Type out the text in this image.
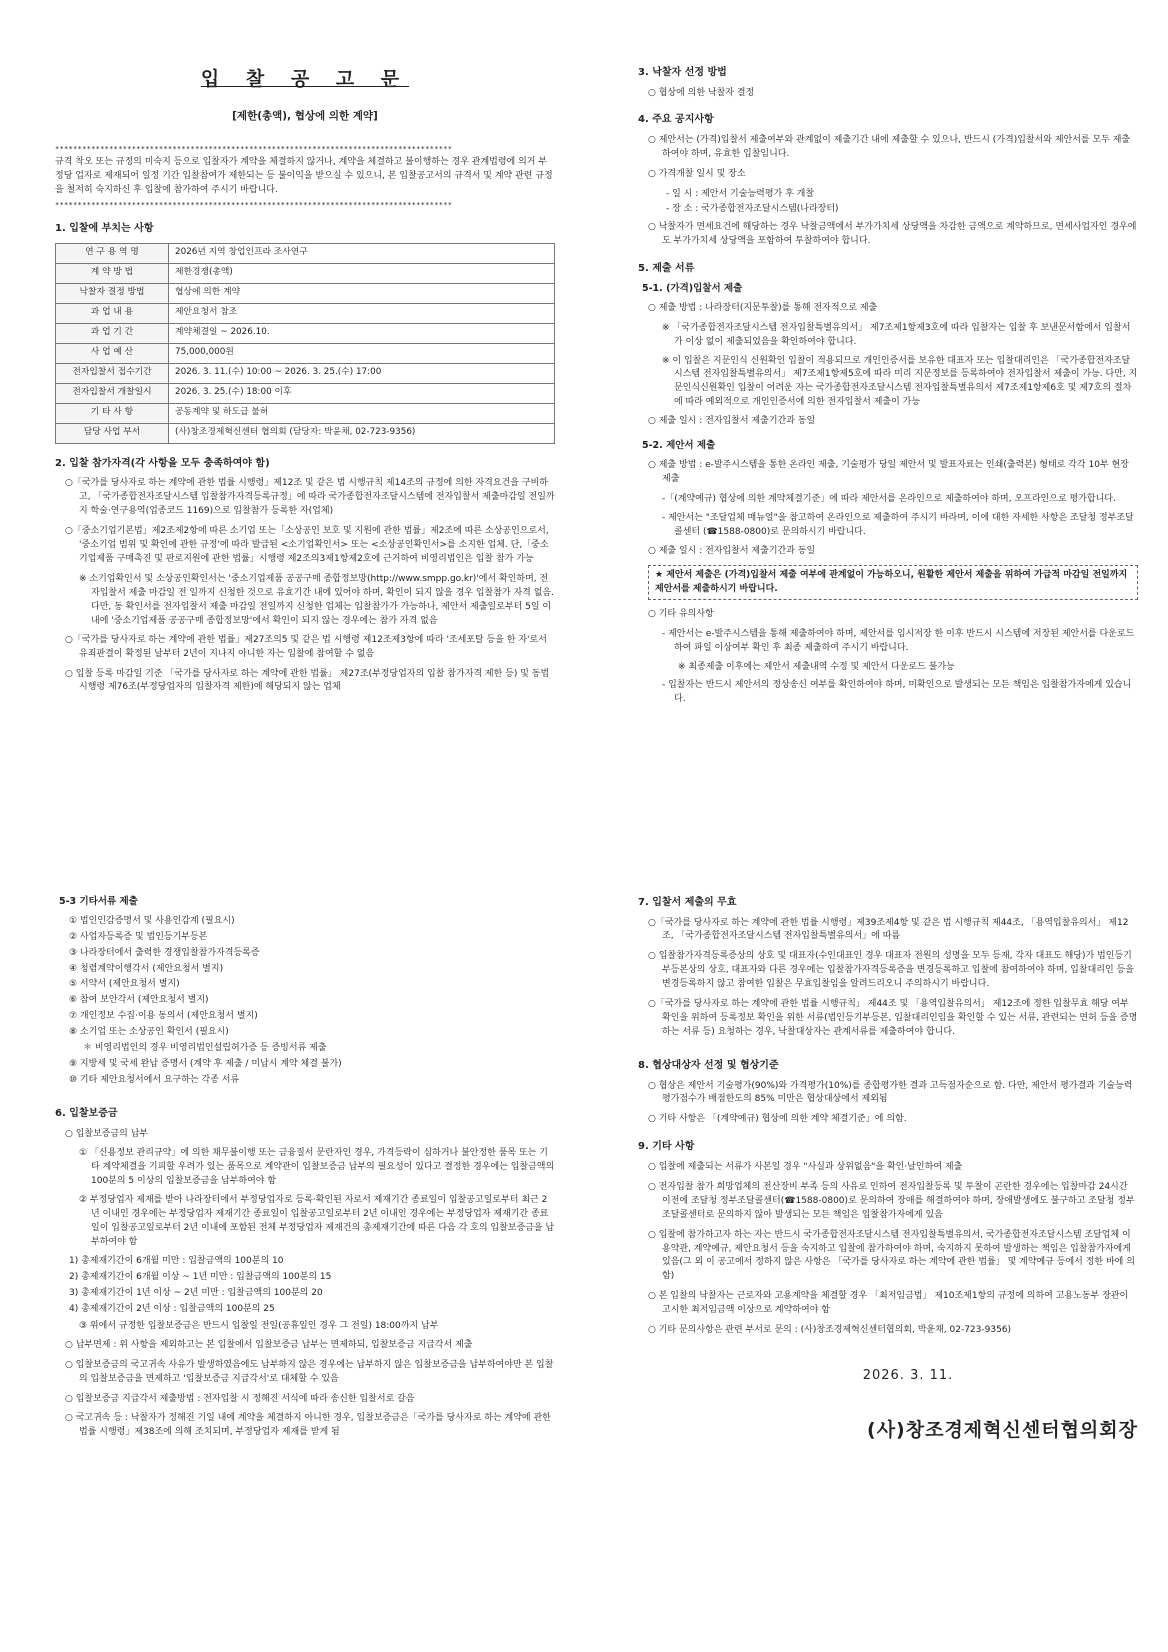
입 찰 공 고 문
[제한(총액), 협상에 의한 계약]
****************************************************************************************
규격 착오 또는 규정의 미숙지 등으로 입찰자가 계약을 체결하지 않거나, 계약을 체결하고 불이행하는 경우 관계법령에 의거 부정당 업자로 제재되어 일정 기간 입찰참여가 제한되는 등 불이익을 받으실 수 있으니, 본 입찰공고서의 규격서 및 계약 관련 규정을 철저히 숙지하신 후 입찰에 참가하여 주시기 바랍니다.
****************************************************************************************
1. 입찰에 부치는 사항
연 구 용 역 명	2026년 지역 창업인프라 조사연구
계 약 방 법	제한경쟁(총액)
낙찰자 결정 방법	협상에 의한 계약
과 업 내 용	제안요청서 참조
과 업 기 간	계약체결일 ~ 2026.10.
사 업 예 산	75,000,000원
전자입찰서 접수기간	2026. 3. 11.(수) 10:00 ~ 2026. 3. 25.(수) 17:00
전자입찰서 개찰일시	2026. 3. 25.(수) 18:00 이후
기 타 사 항	공동계약 및 하도급 불허
담당 사업 부서	(사)창조경제혁신센터 협의회 (담당자: 박윤채, 02-723-9356)
2. 입찰 참가자격(각 사항을 모두 충족하여야 함)
○「국가를 당사자로 하는 계약에 관한 법률 시행령」제12조 및 같은 법 시행규칙 제14조의 규정에 의한 자격요건을 구비하고, 「국가종합전자조달시스템 입찰참가자격등록규정」에 따라 국가종합전자조달시스템에 전자입찰서 제출마감일 전일까지 학술·연구용역(업종코드 1169)으로 입찰참가 등록한 자(업체)
○「중소기업기본법」제2조제2항에 따른 소기업 또는「소상공인 보호 및 지원에 관한 법률」제2조에 따른 소상공인으로서, '중소기업 범위 및 확인에 관한 규정'에 따라 발급된 <소기업확인서> 또는 <소상공인확인서>를 소지한 업체. 단,「중소기업제품 구매촉진 및 판로지원에 관한 법률」시행령 제2조의3제1항제2호에 근거하여 비영리법인은 입찰 참가 가능
※ 소기업확인서 및 소상공인확인서는 '중소기업제품 공공구매 종합정보망(http://www.smpp.go.kr)'에서 확인하며, 전자입찰서 제출 마감일 전 일까지 신청한 것으로 유효기간 내에 있어야 하며, 확인이 되지 않을 경우 입찰참가 자격 없음. 다만, 동 확인서를 전자입찰서 제출 마감일 전일까지 신청한 업체는 입찰참가가 가능하나, 제안서 제출일로부터 5일 이내에 '중소기업제품 공공구매 종합정보망'에서 확인이 되지 않는 경우에는 참가 자격 없음
○「국가를 당사자로 하는 계약에 관한 법률」제27조의5 및 같은 법 시행령 제12조제3항에 따라 '조세포탈 등을 한 자'로서 유죄판결이 확정된 날부터 2년이 지나지 아니한 자는 입찰에 참여할 수 없음
○ 입찰 등록 마감일 기준 「국가를 당사자로 하는 계약에 관한 법률」 제27조(부정당업자의 입찰 참가자격 제한 등) 및 동법 시행령 제76조(부정당업자의 입찰자격 제한)에 해당되지 않는 업체
3. 낙찰자 선정 방법
○ 협상에 의한 낙찰자 결정
4. 주요 공지사항
○ 제안서는 (가격)입찰서 제출여부와 관계없이 제출기간 내에 제출할 수 있으나, 반드시 (가격)입찰서와 제안서를 모두 제출하여야 하며, 유효한 입찰임니다.
○ 가격개찰 일시 및 장소
- 일 시 : 제안서 기술능력평가 후 개찰
- 장 소 : 국가종합전자조달시스템(나라장터)
○ 낙찰자가 면세요건에 해당하는 경우 낙찰금액에서 부가가치세 상당액을 차감한 금액으로 계약하므로, 면세사업자인 경우에도 부가가치세 상당액을 포함하여 투찰하여야 합니다.
5. 제출 서류
5-1. (가격)입찰서 제출
○ 제출 방법 : 나라장터(지문투찰)를 통해 전자적으로 제출
※ 「국가종합전자조달시스템 전자입찰특별유의서」 제7조제1항제3호에 따라 입찰자는 입찰 후 보낸문서함에서 입찰서가 이상 없이 제출되었음을 확인하여야 합니다.
※ 이 입찰은 지문인식 신원확인 입찰이 적용되므로 개인인증서를 보유한 대표자 또는 입찰대리인은 「국가종합전자조달시스템 전자입찰특별유의서」 제7조제1항제5호에 따라 미리 지문정보를 등록하여야 전자입찰서 제출이 가능. 다만, 지문인식신원확인 입찰이 어려운 자는 국가종합전자조달시스템 전자입찰특별유의서 제7조제1항제6호 및 제7호의 절차에 따라 예외적으로 개인인증서에 의한 전자입찰서 제출이 가능
○ 제출 일시 : 전자입찰서 제출기간과 동일
5-2. 제안서 제출
○ 제출 방법 : e-발주시스템을 통한 온라인 제출, 기술평가 당일 제안서 및 발표자료는 인쇄(출력본) 형태로 각각 10부 현장 제출
-「(계약예규) 협상에 의한 계약체결기준」에 따라 제안서를 온라인으로 제출하여야 하며, 오프라인으로 평가합니다.
- 제안서는 "조달업체 매뉴얼"을 참고하여 온라인으로 제출하여 주시기 바라며, 이에 대한 자세한 사항은 조달청 정부조달콜센터 (☎1588-0800)로 문의하시기 바랍니다.
○ 제출 일시 : 전자입찰서 제출기간과 동일
★ 제안서 제출은 (가격)입찰서 제출 여부에 관계없이 가능하오니, 원활한 제안서 제출을 위하여 가급적 마감일 전일까지 제안서를 제출하시기 바랍니다.
○ 기타 유의사항
- 제안서는 e-발주시스템을 통해 제출하여야 하며, 제안서를 임시저장 한 이후 반드시 시스템에 저장된 제안서를 다운로드하여 파일 이상여부 확인 후 최종 제출하여 주시기 바랍니다.
※ 최종제출 이후에는 제안서 제출내역 수정 및 제안서 다운로드 불가능
- 입찰자는 반드시 제안서의 정상송신 여부를 확인하여야 하며, 미확인으로 발생되는 모든 책임은 입찰참가자에게 있습니다.
5-3 기타서류 제출
① 법인인감증명서 및 사용인감계 (필요시)
② 사업자등록증 및 법인등기부등본
③ 나라장터에서 출력한 경쟁입찰참가자격등록증
④ 청렴계약이행각서 (제안요청서 별지)
⑤ 서약서 (제안요청서 별지)
⑥ 참여 보안각서 (제안요청서 별지)
⑦ 개인정보 수집·이용 동의서 (제안요청서 별지)
⑧ 소기업 또는 소상공인 확인서 (필요시)
＊ 비영리법인의 경우 비영리법인설립허가증 등 증빙서류 제출
⑨ 지방세 및 국세 완납 증명서 (계약 후 제출 / 미납시 계약 체결 불가)
⑩ 기타 제안요청서에서 요구하는 각종 서류
6. 입찰보증금
○ 입찰보증금의 납부
① 「신용정보 관리규약」에 의한 채무불이행 또는 금융질서 문란자인 경우, 가격등락이 심하거나 불안정한 품목 또는 기타 계약체결을 기피할 우려가 있는 품목으로 계약관이 입찰보증금 납부의 필요성이 있다고 결정한 경우에는 입찰금액의 100분의 5 이상의 입찰보증금을 납부하여야 함
② 부정당업자 제재를 받아 나라장터에서 부정당업자로 등록·확인된 자로서 제재기간 종료일이 입찰공고일로부터 최근 2년 이내인 경우에는 부정당업자 제재기간 종료일이 입찰공고일로부터 2년 이내인 경우에는 부정당업자 제재기간 종료일이 입찰공고일로부터 2년 이내에 포함된 전체 부정당업자 제재건의 총제재기간에 따른 다음 각 호의 입찰보증금을 납부하여야 함
1) 총제재기간이 6개월 미만 : 입찰금액의 100분의 10
2) 총제재기간이 6개월 이상 ~ 1년 미만 : 입찰금액의 100분의 15
3) 총제재기간이 1년 이상 ~ 2년 미만 : 입찰금액의 100분의 20
4) 총제재기간이 2년 이상 : 입찰금액의 100분의 25
③ 위에서 규정한 입찰보증금은 반드시 입찰일 전일(공휴일인 경우 그 전일) 18:00까지 납부
○ 납부면제 : 위 사항을 제외하고는 본 입찰에서 입찰보증금 납부는 면제하되, 입찰보증금 지급각서 제출
○ 입찰보증금의 국고귀속 사유가 발생하였음에도 납부하지 않은 경우에는 납부하지 않은 입찰보증금을 납부하여야만 본 입찰의 입찰보증금을 면제하고 '입찰보증금 지급각서'로 대체할 수 있음
○ 입찰보증금 지급각서 제출방법 : 전자입찰 시 정해진 서식에 따라 송신한 입찰서로 갈음
○ 국고귀속 등 : 낙찰자가 정해진 기일 내에 계약을 체결하지 아니한 경우, 입찰보증금은「국가를 당사자로 하는 계약에 관한 법률 시행령」제38조에 의해 조치되며, 부정당업자 제재를 받게 됨
7. 입찰서 제출의 무효
○「국가를 당사자로 하는 계약에 관한 법률 시행령」제39조제4항 및 같은 법 시행규칙 제44조, 「용역입찰유의서」 제12조, 「국가종합전자조달시스템 전자입찰특별유의서」에 따름
○ 입찰참가자격등록증상의 상호 및 대표자(수인대표인 경우 대표자 전원의 성명을 모두 등재, 각자 대표도 해당)가 법인등기부등본상의 상호, 대표자와 다른 경우에는 입찰참가자격등록증을 변경등록하고 입찰에 참여하여야 하며, 입찰대리인 등을 변경등록하지 않고 참여한 입찰은 무효입찰임을 알려드리오니 주의하시기 바랍니다.
○「국가를 당사자로 하는 계약에 관한 법률 시행규칙」 제44조 및 「용역입찰유의서」 제12조에 정한 입찰무효 해당 여부 확인을 위하여 등록정보 확인을 위한 서류(법인등기부등본, 입찰대리인임을 확인할 수 있는 서류, 관련되는 면허 등을 증명하는 서류 등) 요청하는 경우, 낙찰대상자는 관계서류를 제출하여야 합니다.
8. 협상대상자 선정 및 협상기준
○ 협상은 제안서 기술평가(90%)와 가격평가(10%)를 종합평가한 결과 고득점자순으로 함. 다만, 제안서 평가결과 기술능력 평가점수가 배점한도의 85% 미만은 협상대상에서 제외됨
○ 기타 사항은 「(계약예규) 협상에 의한 계약 체결기준」에 의함.
9. 기타 사항
○ 입찰에 제출되는 서류가 사본일 경우 "사실과 상위없음"을 확인·날인하여 제출
○ 전자입찰 참가 희망업체의 전산장비 부족 등의 사유로 인하여 전자입찰등록 및 투찰이 곤란한 경우에는 입찰마감 24시간 이전에 조달청 정부조달콜센터(☎1588-0800)로 문의하여 장애를 해결하여야 하며, 장애발생에도 불구하고 조달청 정부조달콜센터로 문의하지 않아 발생되는 모든 책임은 입찰참가자에게 있음
○ 입찰에 참가하고자 하는 자는 반드시 국가종합전자조달시스템 전자입찰특별유의서, 국가종합전자조달시스템 조달업체 이용약관, 계약예규, 제안요청서 등을 숙지하고 입찰에 참가하여야 하며, 숙지하지 못하여 발생하는 책임은 입찰참가자에게 있음(그 외 이 공고에서 정하지 않은 사항은 「국가를 당사자로 하는 계약에 관한 법률」 및 계약예규 등에서 정한 바에 의함)
○ 본 입찰의 낙찰자는 근로자와 고용계약을 체결할 경우 「최저임금법」 제10조제1항의 규정에 의하여 고용노동부 장관이 고시한 최저임금액 이상으로 계약하여야 함
○ 기타 문의사항은 관련 부서로 문의 : (사)창조경제혁신센터협의회, 박윤채, 02-723-9356)
2026. 3. 11.
(사)창조경제혁신센터협의회장
